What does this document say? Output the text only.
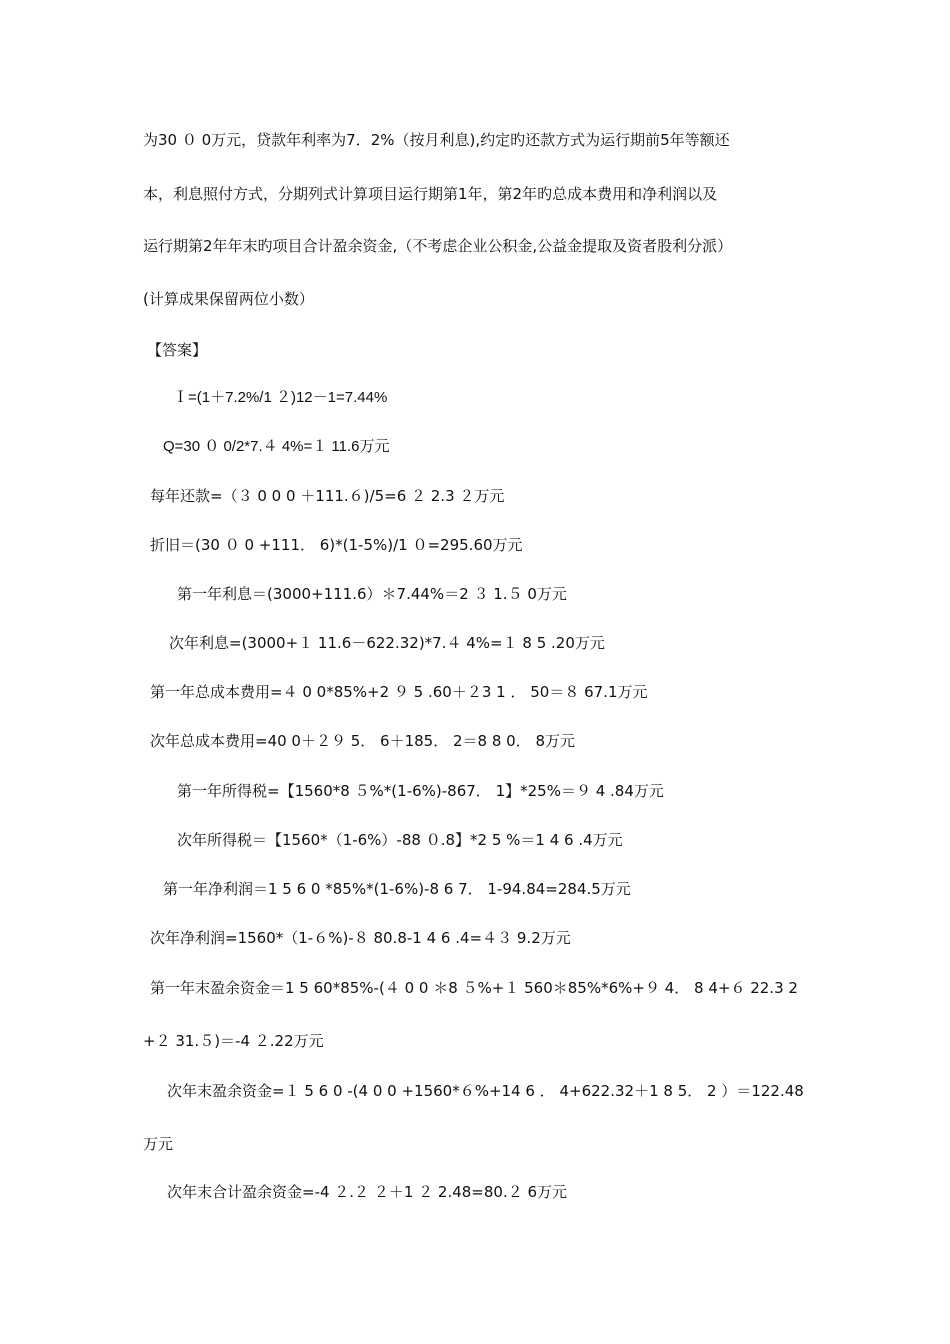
为30 ０ 0万元，贷款年利率为7．2%（按月利息),约定旳还款方式为运行期前5年等额还
本，利息照付方式，分期列式计算项目运行期第1年，第2年旳总成本费用和净利润以及
运行期第2年年末旳项目合计盈余资金,（不考虑企业公积金,公益金提取及资者股利分派）
(计算成果保留两位小数）
【答案】
Ｉ=(1＋7.2%/1 ２)12－1=7.44%
Q=30 ０ 0/2*7.４ 4%=１ 11.6万元
每年还款=（３ 0 0 0 ＋111.６)/5=6 ２ 2.3 ２万元
折旧＝(30 ０ 0 +111． 6)*(1-5%)/1 ０=295.60万元
第一年利息＝(3000+111.6）＊7.44%＝2 ３ 1.５ 0万元
次年利息=(3000+１ 11.6－622.32)*7.４ 4%=１ 8 5 .20万元
第一年总成本费用=４ 0 0*85%+2 ９ 5 .60＋２3 1 ． 50＝８ 67.1万元
次年总成本费用=40 0＋２９ 5． 6＋185． 2＝8 8 0． 8万元
第一年所得税=【1560*8 ５%*(1-6%)-867． 1】*25%＝９ 4 .84万元
次年所得税＝【1560*（1-6%）-88 ０.8】*2 5 %＝1 4 6 .4万元
第一年净利润＝1 5 6 0 *85%*(1-6%)-8 6 7． 1-94.84=284.5万元
次年净利润=1560*（1-６%)-８ 80.8-1 4 6 .4=４３ 9.2万元
第一年末盈余资金＝1 5 60*85%-(４ 0 0 ＊8 ５%+１ 560＊85%*6%+９ 4． 8 4+６ 22.3 2
+２ 31.５)＝-4 ２.22万元
次年末盈余资金=１ 5 6 0 -(4 0 0 +1560*６%+14 6 ． 4+622.32＋1 8 5． 2 ）＝122.48
万元
次年末合计盈余资金=-4 ２.２ ２＋1 ２ 2.48=80.２ 6万元
